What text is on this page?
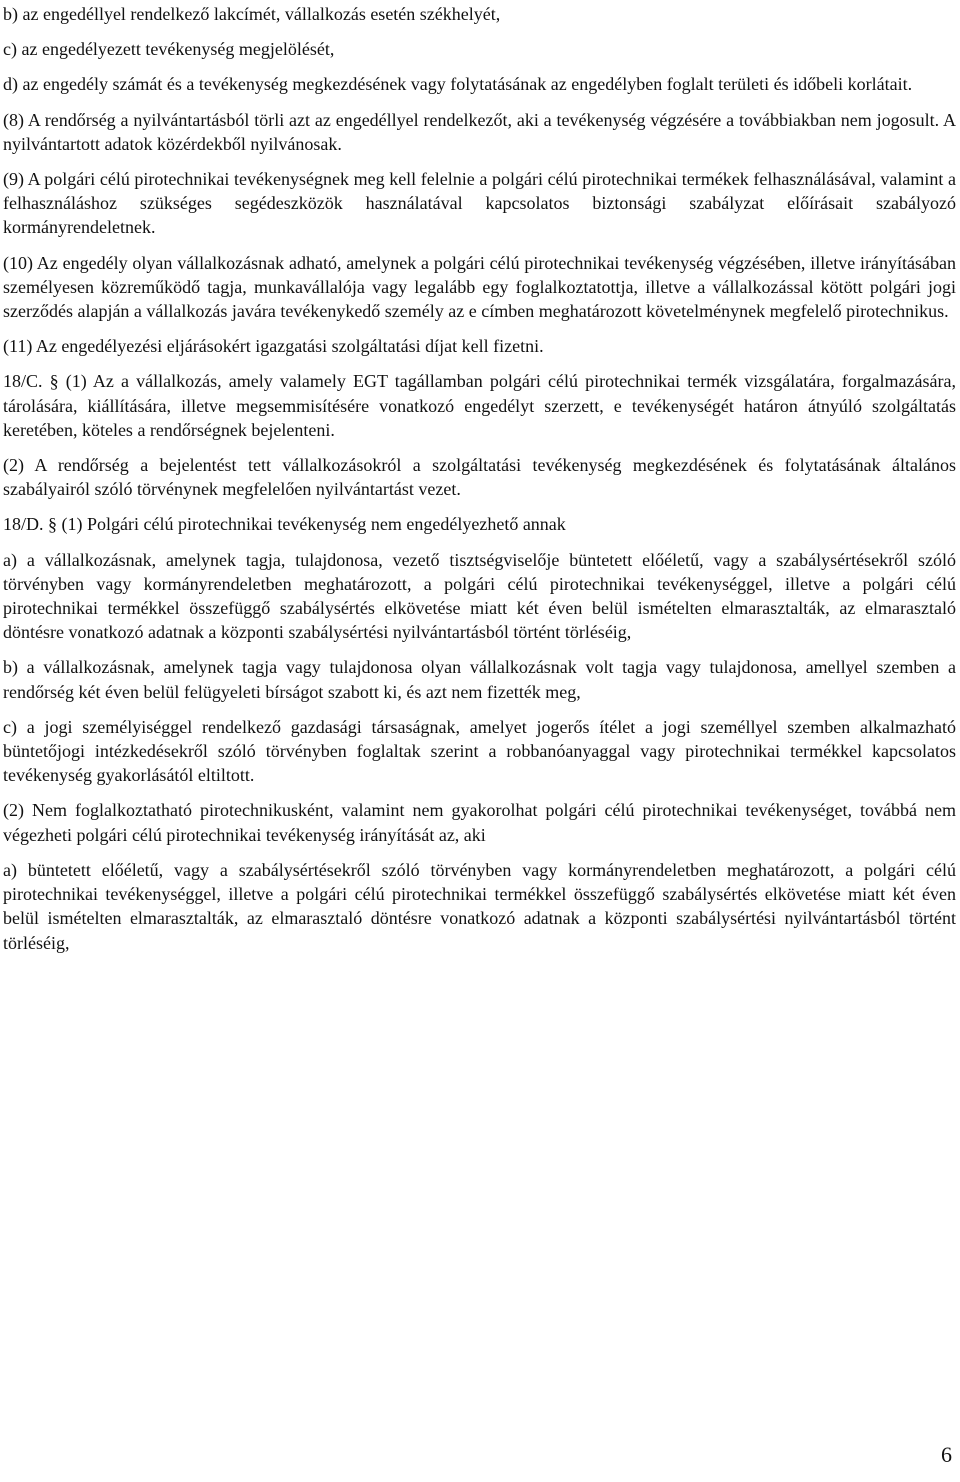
b) az engedéllyel rendelkező lakcímét, vállalkozás esetén székhelyét,

c) az engedélyezett tevékenység megjelölését,

d) az engedély számát és a tevékenység megkezdésének vagy folytatásának az engedélyben foglalt területi és időbeli korlátait.

(8) A rendőrség a nyilvántartásból törli azt az engedéllyel rendelkezőt, aki a tevékenység végzésére a továbbiakban nem jogosult. A nyilvántartott adatok közérdekből nyilvánosak.

(9) A polgári célú pirotechnikai tevékenységnek meg kell felelnie a polgári célú pirotechnikai termékek felhasználásával, valamint a felhasználáshoz szükséges segédeszközök használatával kapcsolatos biztonsági szabályzat előírásait szabályozó kormányrendeletnek.

(10) Az engedély olyan vállalkozásnak adható, amelynek a polgári célú pirotechnikai tevékenység végzésében, illetve irányításában személyesen közreműködő tagja, munkavállalója vagy legalább egy foglalkoztatottja, illetve a vállalkozással kötött polgári jogi szerződés alapján a vállalkozás javára tevékenykedő személy az e címben meghatározott követelménynek megfelelő pirotechnikus.

(11) Az engedélyezési eljárásokért igazgatási szolgáltatási díjat kell fizetni.

18/C. § (1) Az a vállalkozás, amely valamely EGT tagállamban polgári célú pirotechnikai termék vizsgálatára, forgalmazására, tárolására, kiállítására, illetve megsemmisítésére vonatkozó engedélyt szerzett, e tevékenységét határon átnyúló szolgáltatás keretében, köteles a rendőrségnek bejelenteni.

(2) A rendőrség a bejelentést tett vállalkozásokról a szolgáltatási tevékenység megkezdésének és folytatásának általános szabályairól szóló törvénynek megfelelően nyilvántartást vezet.

18/D. § (1) Polgári célú pirotechnikai tevékenység nem engedélyezhető annak

a) a vállalkozásnak, amelynek tagja, tulajdonosa, vezető tisztségviselője büntetett előéletű, vagy a szabálysértésekről szóló törvényben vagy kormányrendeletben meghatározott, a polgári célú pirotechnikai tevékenységgel, illetve a polgári célú pirotechnikai termékkel összefüggő szabálysértés elkövetése miatt két éven belül ismételten elmarasztalták, az elmarasztaló döntésre vonatkozó adatnak a központi szabálysértési nyilvántartásból történt törléséig,

b) a vállalkozásnak, amelynek tagja vagy tulajdonosa olyan vállalkozásnak volt tagja vagy tulajdonosa, amellyel szemben a rendőrség két éven belül felügyeleti bírságot szabott ki, és azt nem fizették meg,

c) a jogi személyiséggel rendelkező gazdasági társaságnak, amelyet jogerős ítélet a jogi személlyel szemben alkalmazható büntetőjogi intézkedésekről szóló törvényben foglaltak szerint a robbanóanyaggal vagy pirotechnikai termékkel kapcsolatos tevékenység gyakorlásától eltiltott.

(2) Nem foglalkoztatható pirotechnikusként, valamint nem gyakorolhat polgári célú pirotechnikai tevékenységet, továbbá nem végezheti polgári célú pirotechnikai tevékenység irányítását az, aki

a) büntetett előéletű, vagy a szabálysértésekről szóló törvényben vagy kormányrendeletben meghatározott, a polgári célú pirotechnikai tevékenységgel, illetve a polgári célú pirotechnikai termékkel összefüggő szabálysértés elkövetése miatt két éven belül ismételten elmarasztalták, az elmarasztaló döntésre vonatkozó adatnak a központi szabálysértési nyilvántartásból történt törléséig,

6
